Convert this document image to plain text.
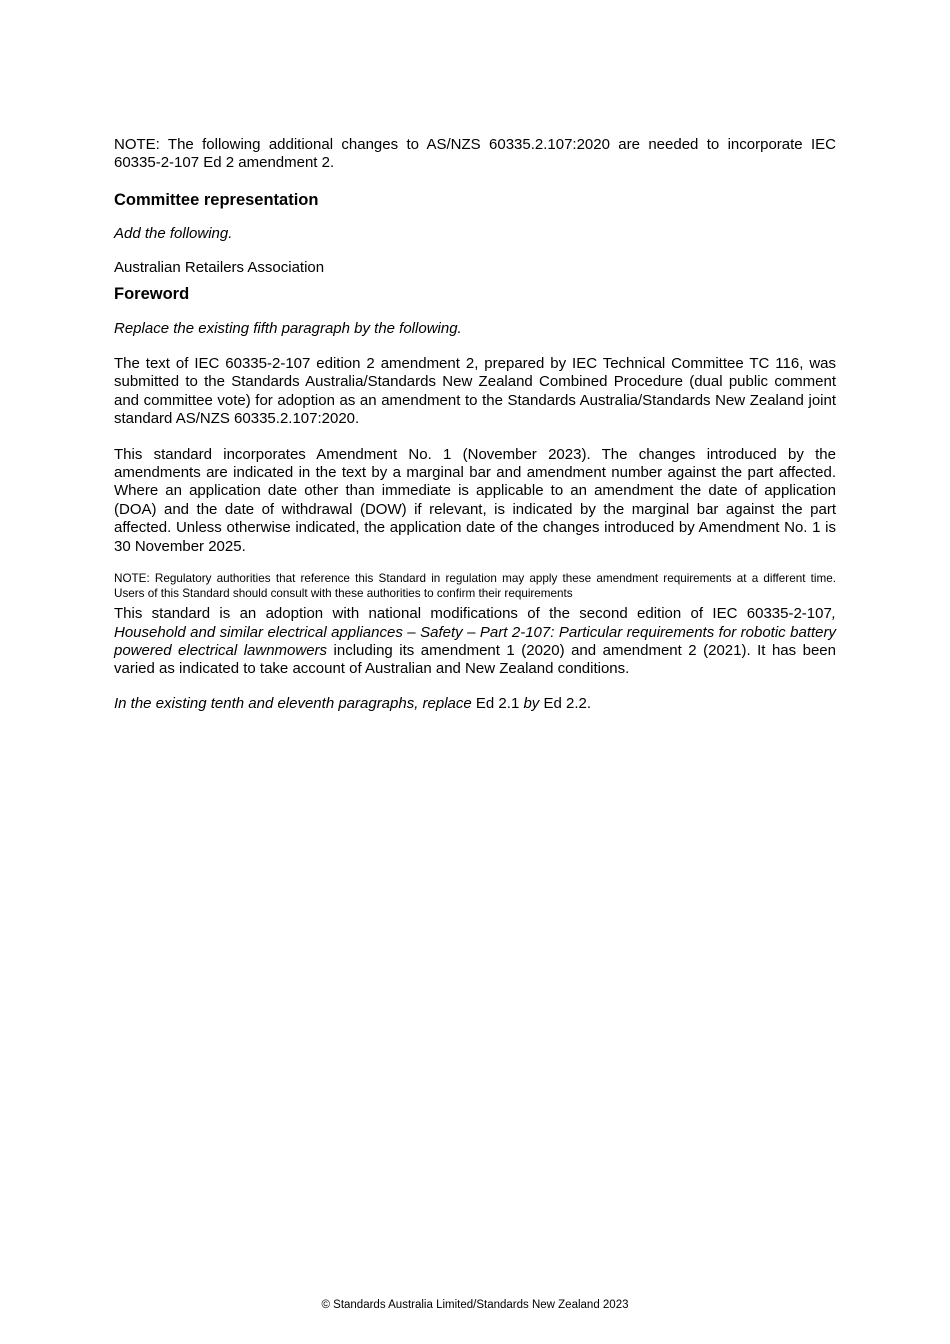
NOTE: The following additional changes to AS/NZS 60335.2.107:2020 are needed to incorporate IEC 60335-2-107 Ed 2 amendment 2.

Committee representation

Add the following.

Australian Retailers Association

Foreword

Replace the existing fifth paragraph by the following.

The text of IEC 60335-2-107 edition 2 amendment 2, prepared by IEC Technical Committee TC 116, was submitted to the Standards Australia/Standards New Zealand Combined Procedure (dual public comment and committee vote) for adoption as an amendment to the Standards Australia/Standards New Zealand joint standard AS/NZS 60335.2.107:2020.

This standard incorporates Amendment No. 1 (November 2023). The changes introduced by the amendments are indicated in the text by a marginal bar and amendment number against the part affected. Where an application date other than immediate is applicable to an amendment the date of application (DOA) and the date of withdrawal (DOW) if relevant, is indicated by the marginal bar against the part affected. Unless otherwise indicated, the application date of the changes introduced by Amendment No. 1 is 30 November 2025.

NOTE: Regulatory authorities that reference this Standard in regulation may apply these amendment requirements at a different time. Users of this Standard should consult with these authorities to confirm their requirements

This standard is an adoption with national modifications of the second edition of IEC 60335-2-107, Household and similar electrical appliances – Safety – Part 2-107: Particular requirements for robotic battery powered electrical lawnmowers including its amendment 1 (2020) and amendment 2 (2021). It has been varied as indicated to take account of Australian and New Zealand conditions.

In the existing tenth and eleventh paragraphs, replace Ed 2.1 by Ed 2.2.

© Standards Australia Limited/Standards New Zealand 2023
